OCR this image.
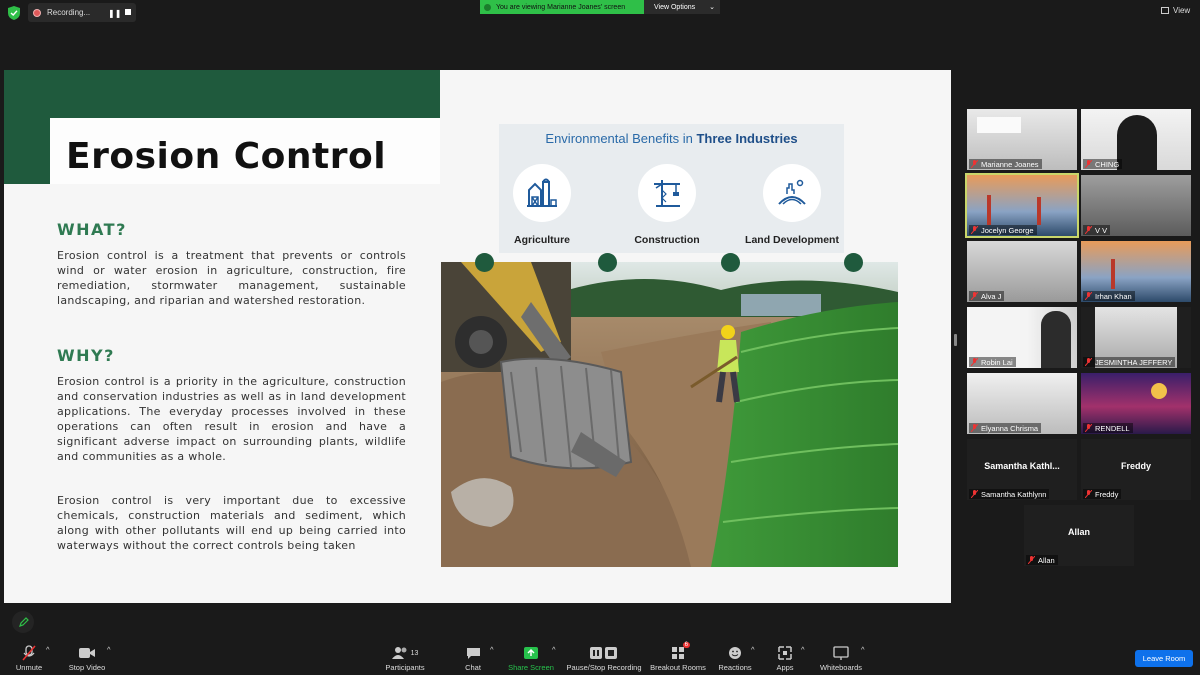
Recording... ❚❚
You are viewing Marianne Joanes' screen	View Options ⌄	View
Erosion Control
WHAT?
Erosion control is a treatment that prevents or controls wind or water erosion in agriculture, construction, fire remediation, stormwater management, sustainable landscaping, and riparian and watershed restoration.
WHY?
Erosion control is a priority in the agriculture, construction and conservation industries as well as in land development applications. The everyday processes involved in these operations can often result in erosion and have a significant adverse impact on surrounding plants, wildlife and communities as a whole.
Erosion control is very important due to excessive chemicals, construction materials and sediment, which along with other pollutants will end up being carried into waterways without the correct controls being taken
Environmental Benefits in Three Industries
Agriculture	Construction	Land Development
Marianne Joanes	CHING
Jocelyn George	V V
Alva J	Irhan Khan
Robin Lai	JESMINTHA JEFFERY
Elyanna Chrisma	RENDELL
Samantha Kathl...
Samantha Kathlynn
Freddy
Freddy
Allan
Allan
Unmute
^
Stop Video
^	13
Participants	Chat
^
Share Screen
^
Pause/Stop Recording
6
Breakout Rooms Reactions
^
Apps
^
Whiteboards
^
Leave Room
